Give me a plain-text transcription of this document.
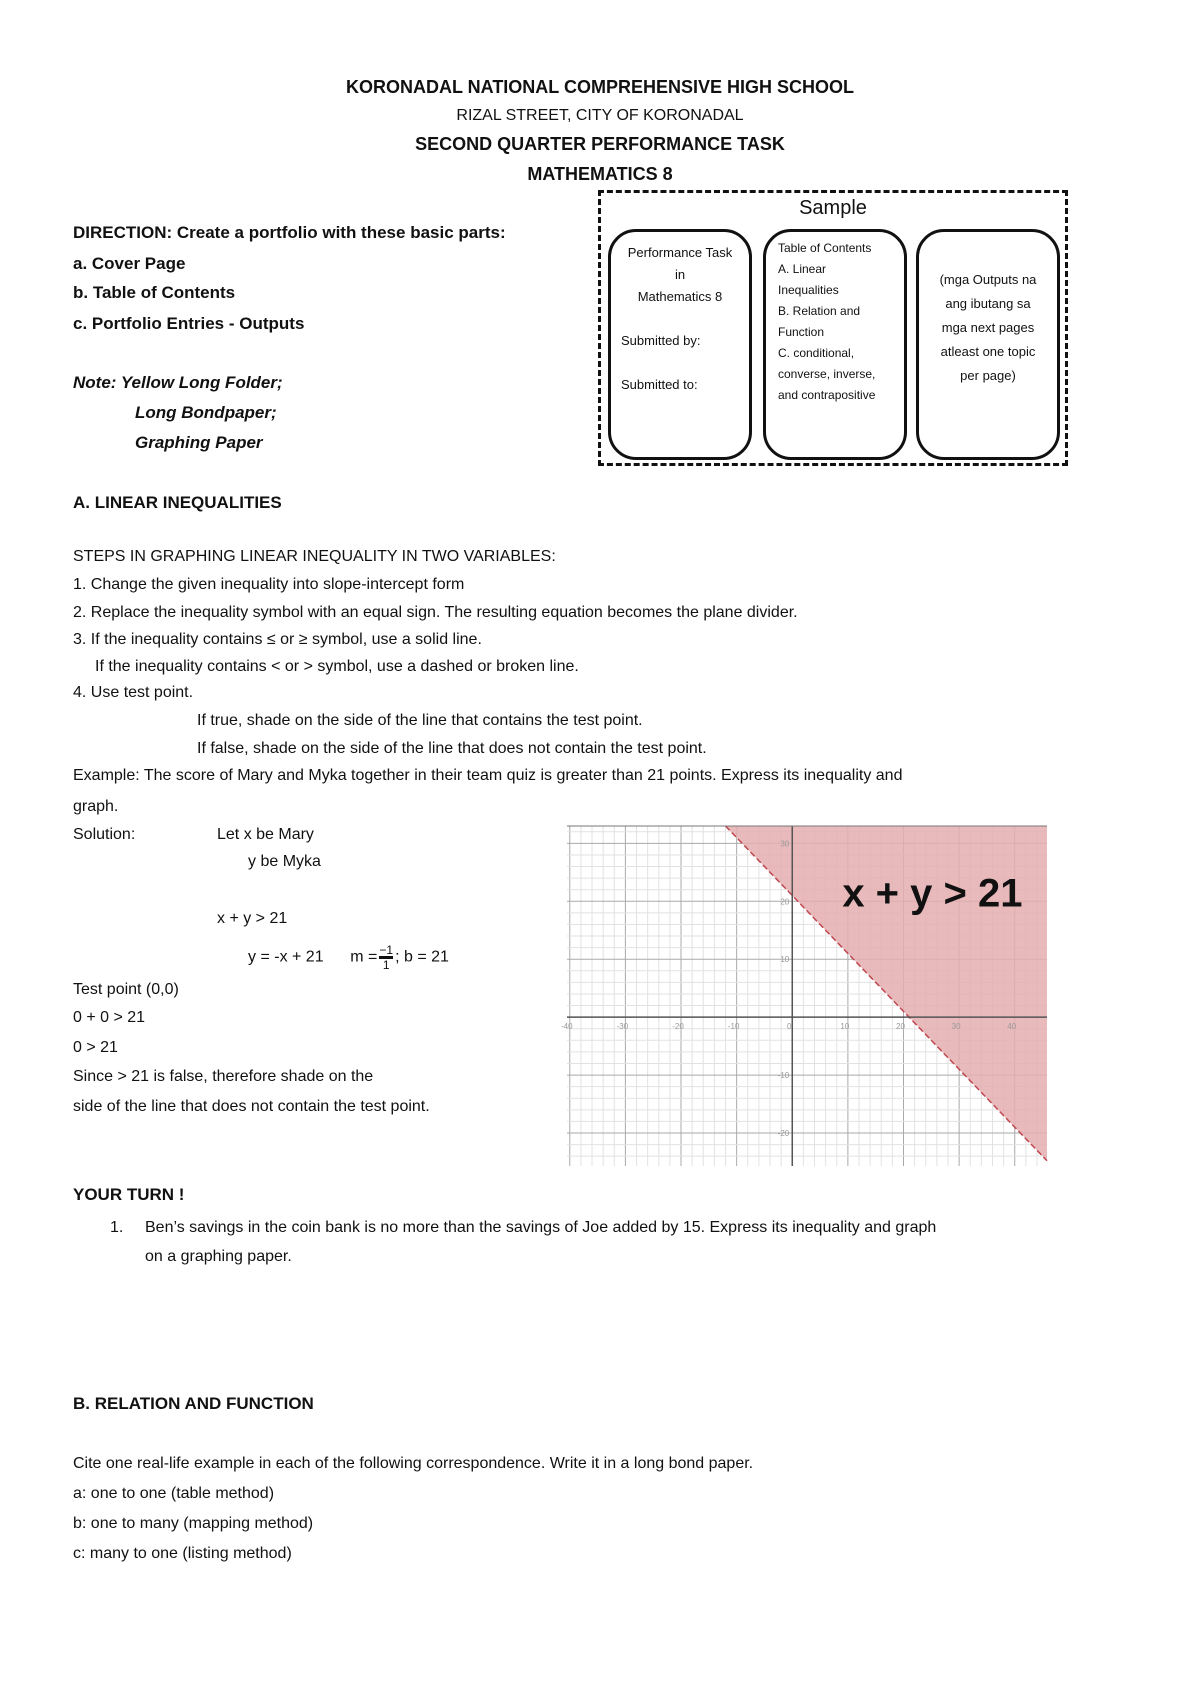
KORONADAL NATIONAL COMPREHENSIVE HIGH SCHOOL
RIZAL STREET, CITY OF KORONADAL
SECOND QUARTER PERFORMANCE TASK
MATHEMATICS 8
DIRECTION: Create a portfolio with these basic parts:
a. Cover Page
b. Table of Contents
c. Portfolio Entries - Outputs
Note: Yellow Long Folder;
Long Bondpaper;
Graphing Paper
Sample
Performance Task
in
Mathematics 8
Submitted by:
Submitted to:
Table of Contents
A. Linear
Inequalities
B. Relation and
Function
C. conditional,
converse, inverse,
and contrapositive
(mga Outputs na
ang ibutang sa
mga next pages
atleast one topic
per page)
A. LINEAR INEQUALITIES
STEPS IN GRAPHING LINEAR INEQUALITY IN TWO VARIABLES:
1. Change the given inequality into slope-intercept form
2. Replace the inequality symbol with an equal sign. The resulting equation becomes the plane divider.
3. If the inequality contains ≤ or ≥ symbol, use a solid line.
If the inequality contains < or > symbol, use a dashed or broken line.
4. Use test point.
If true, shade on the side of the line that contains the test point.
If false, shade on the side of the line that does not contain the test point.
Example: The score of Mary and Myka together in their team quiz is greater than 21 points. Express its inequality and
graph.
Solution:	Let x be Mary
y be Myka
x + y > 21
y = -x + 21 $m = \frac{-1}{1}$ ; b = 21
Test point (0,0)
0 + 0 > 21
0 > 21
Since > 21 is false, therefore shade on the
side of the line that does not contain the test point.
-40	-30	-20	-10	0	10	20	30	40
-20
-10
10
20
30
x + y > 21
YOUR TURN !
1. Ben’s savings in the coin bank is no more than the savings of Joe added by 15. Express its inequality and graph
on a graphing paper.
B. RELATION AND FUNCTION
Cite one real-life example in each of the following correspondence. Write it in a long bond paper.
a: one to one (table method)
b: one to many (mapping method)
c: many to one (listing method)
